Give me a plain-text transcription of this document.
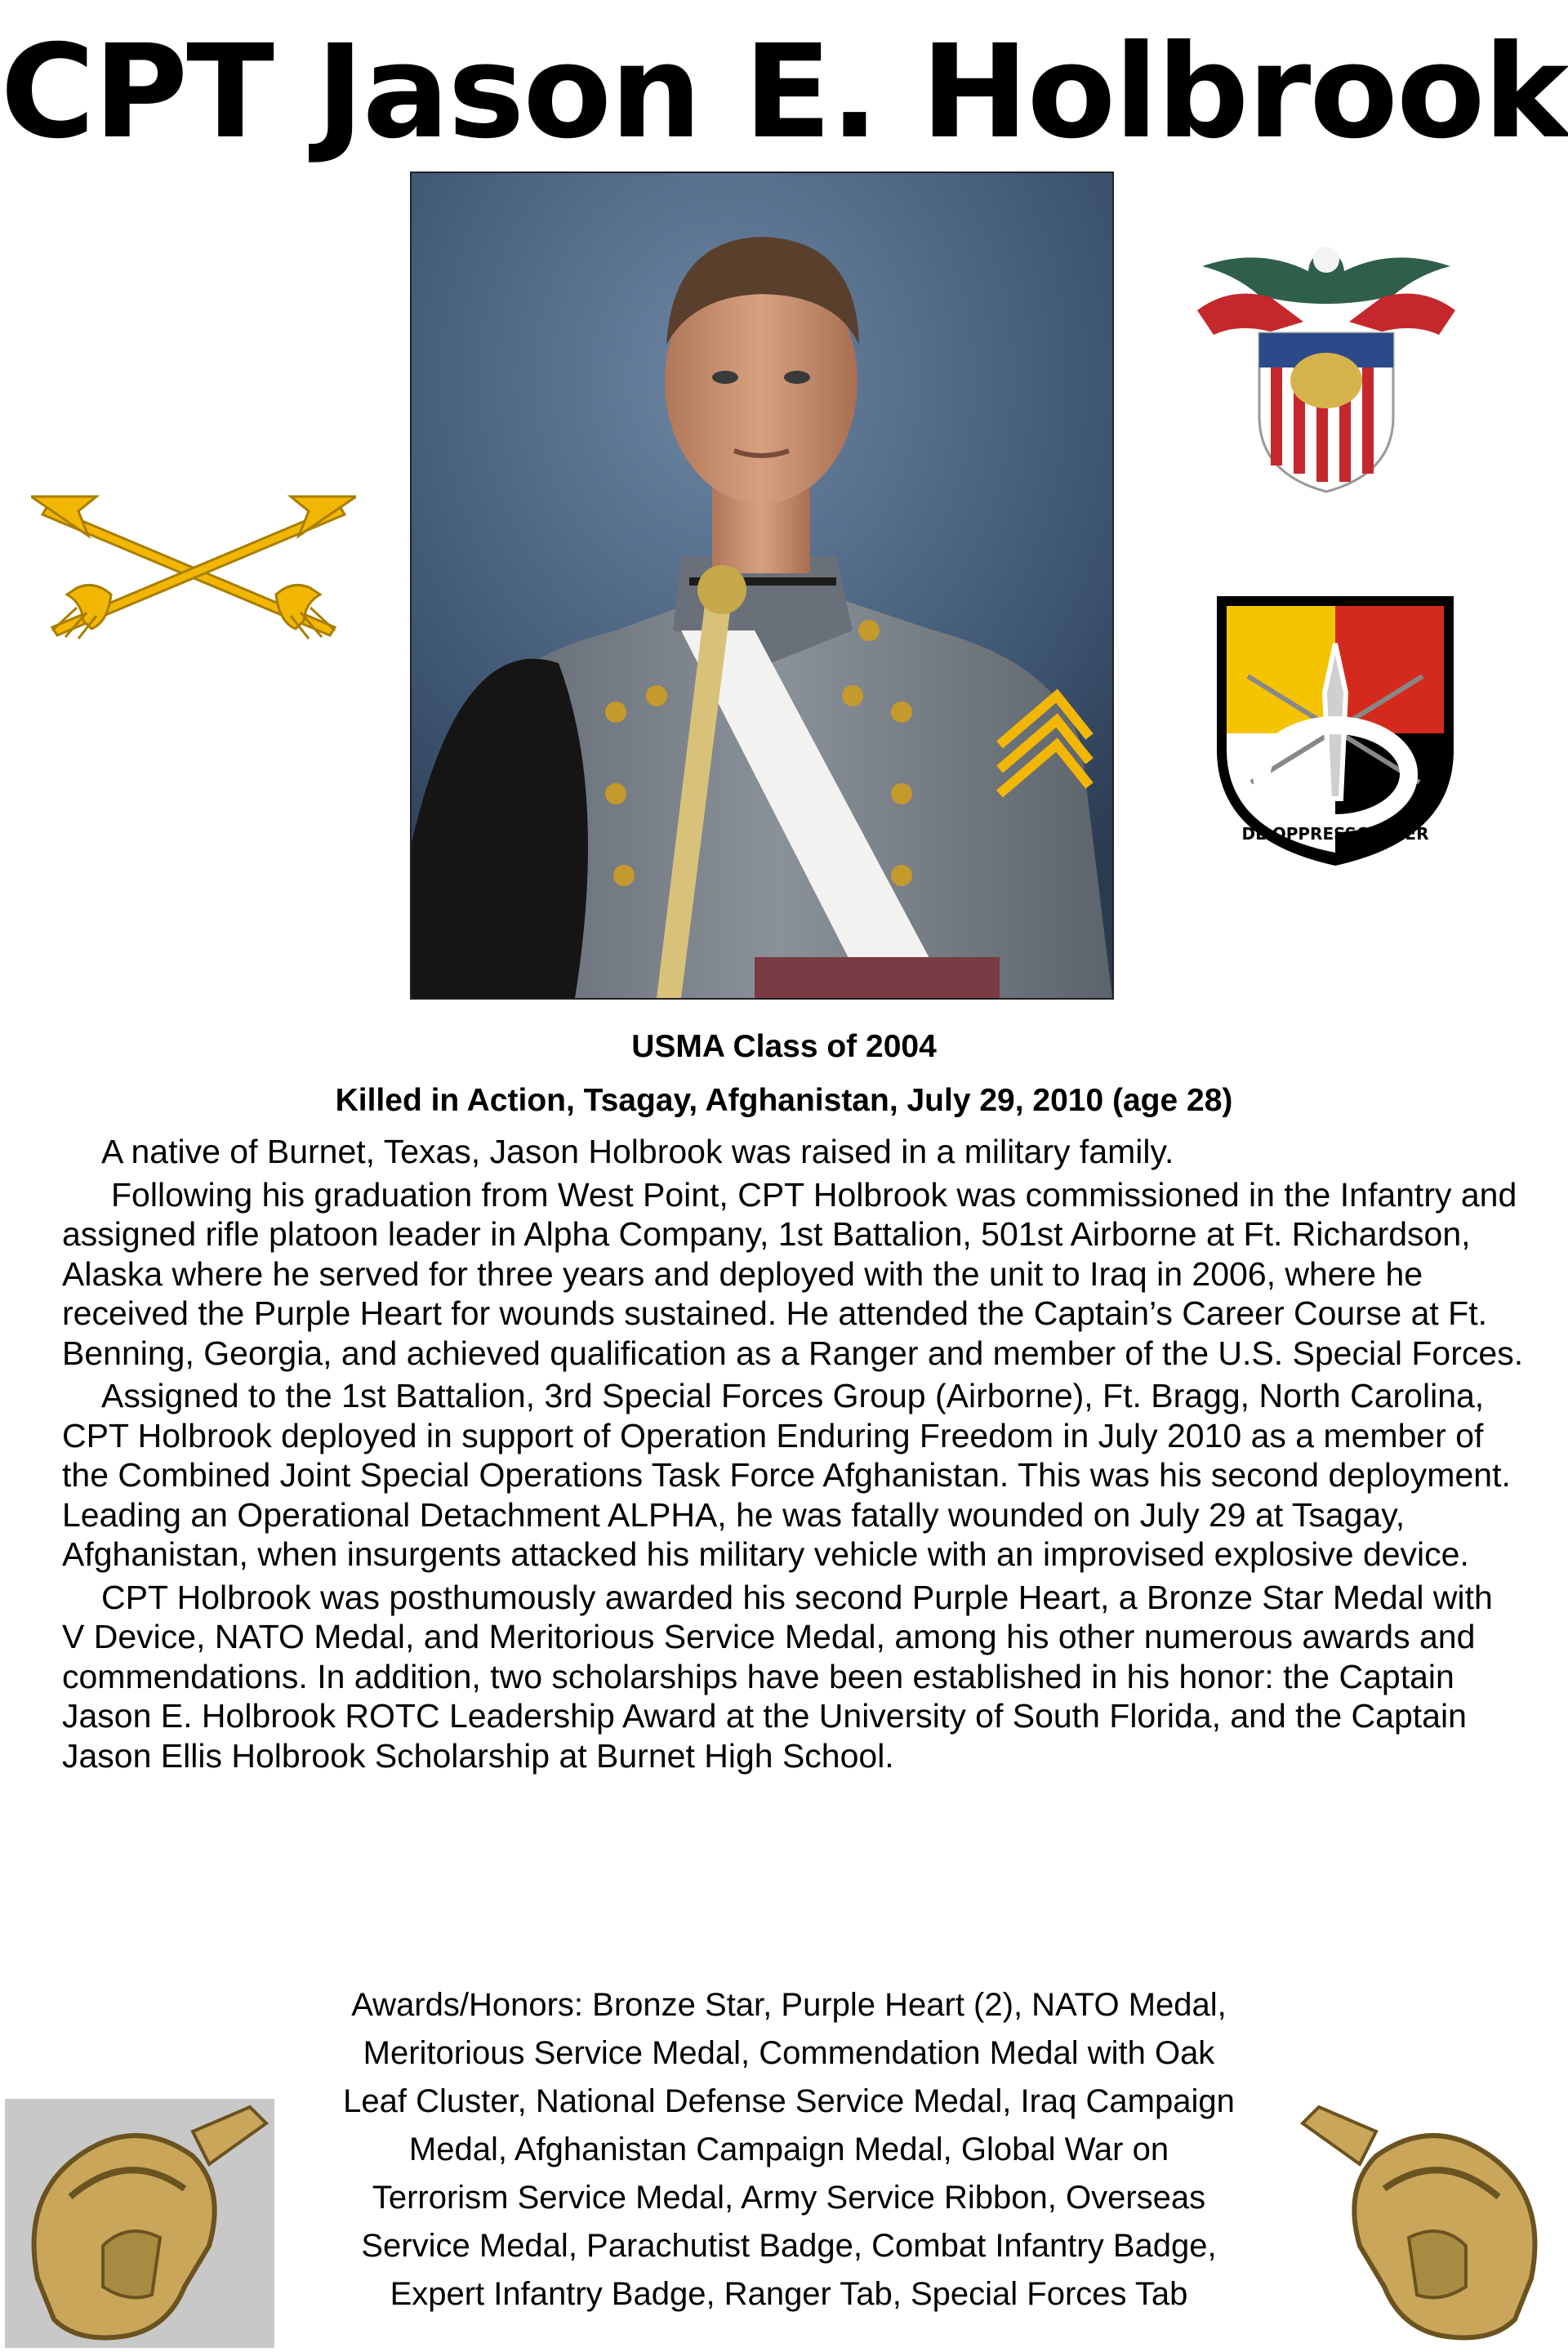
CPT Jason E. Holbrook
DE OPPRESSO LIBER
USMA Class of 2004
Killed in Action, Tsagay, Afghanistan, July 29, 2010 (age 28)

A native of Burnet, Texas, Jason Holbrook was raised in a military family.

Following his graduation from West Point, CPT Holbrook was commissioned in the Infantry and assigned rifle platoon leader in Alpha Company, 1st Battalion, 501st Airborne at Ft. Richardson, Alaska where he served for three years and deployed with the unit to Iraq in 2006, where he received the Purple Heart for wounds sustained. He attended the Captain’s Career Course at Ft. Benning, Georgia, and achieved qualification as a Ranger and member of the U.S. Special Forces.

Assigned to the 1st Battalion, 3rd Special Forces Group (Airborne), Ft. Bragg, North Carolina, CPT Holbrook deployed in support of Operation Enduring Freedom in July 2010 as a member of the Combined Joint Special Operations Task Force Afghanistan. This was his second deployment. Leading an Operational Detachment ALPHA, he was fatally wounded on July 29 at Tsagay, Afghanistan, when insurgents attacked his military vehicle with an improvised explosive device.

CPT Holbrook was posthumously awarded his second Purple Heart, a Bronze Star Medal with V Device, NATO Medal, and Meritorious Service Medal, among his other numerous awards and commendations. In addition, two scholarships have been established in his honor: the Captain Jason E. Holbrook ROTC Leadership Award at the University of South Florida, and the Captain Jason Ellis Holbrook Scholarship at Burnet High School.

Awards/Honors: Bronze Star, Purple Heart (2), NATO Medal,
Meritorious Service Medal, Commendation Medal with Oak
Leaf Cluster, National Defense Service Medal, Iraq Campaign
Medal, Afghanistan Campaign Medal, Global War on
Terrorism Service Medal, Army Service Ribbon, Overseas
Service Medal, Parachutist Badge, Combat Infantry Badge,
Expert Infantry Badge, Ranger Tab, Special Forces Tab
